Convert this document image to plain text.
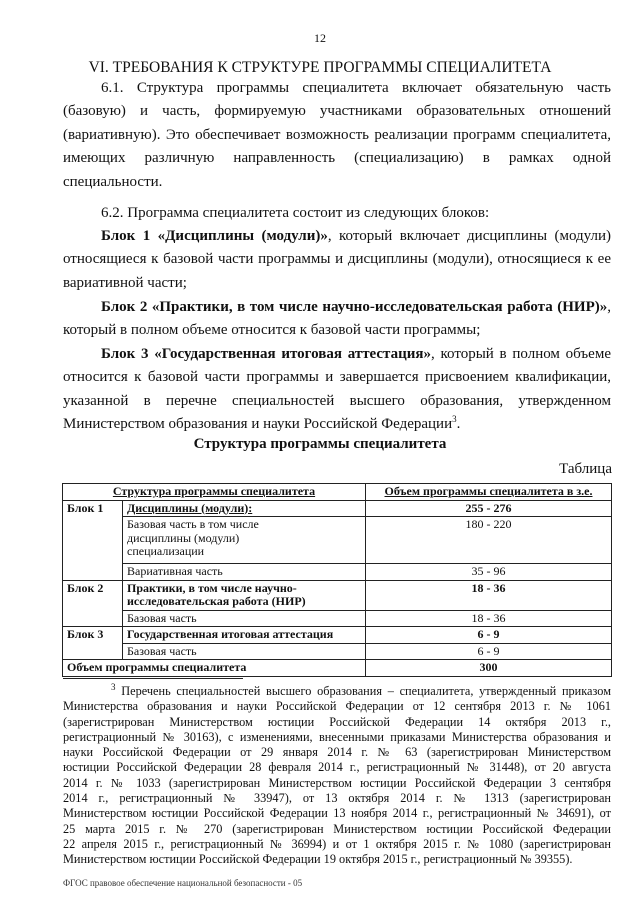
12
VI. ТРЕБОВАНИЯ К СТРУКТУРЕ ПРОГРАММЫ СПЕЦИАЛИТЕТА
6.1. Структура программы специалитета включает обязательную часть
(базовую) и часть, формируемую участниками образовательных отношений
(вариативную). Это обеспечивает возможность реализации программ специалитета,
имеющих различную направленность (специализацию) в рамках одной
специальности.
6.2. Программа специалитета состоит из следующих блоков:
Блок 1 «Дисциплины (модули)», который включает дисциплины (модули)
относящиеся к базовой части программы и дисциплины (модули), относящиеся к ее
вариативной части;
Блок 2 «Практики, в том числе научно-исследовательская работа (НИР)»,
который в полном объеме относится к базовой части программы;
Блок 3 «Государственная итоговая аттестация», который в полном объеме
относится к базовой части программы и завершается присвоением квалификации,
указанной в перечне специальностей высшего образования, утвержденном
Министерством образования и науки Российской Федерации$^3$.
Структура программы специалитета
Таблица
Структура программы специалитета		Объем программы специалитета в з.е.
Блок 1	Дисциплины (модули):	255 - 276
	Базовая часть в том числе дисциплины (модули) специализации	180 - 220
	Вариативная часть	35 - 96
Блок 2	Практики, в том числе научно-исследовательская работа (НИР)	18 - 36
	Базовая часть	18 - 36
Блок 3	Государственная итоговая аттестация	6 - 9
	Базовая часть	6 - 9
Объем программы специалитета		300
$^3$ Перечень специальностей высшего образования – специалитета, утвержденный приказом
Министерства образования и науки Российской Федерации от 12 сентября 2013 г. № 1061
(зарегистрирован Министерством юстиции Российской Федерации 14 октября 2013 г.,
регистрационный № 30163), с изменениями, внесенными приказами Министерства образования и
науки Российской Федерации от 29 января 2014 г. № 63 (зарегистрирован Министерством
юстиции Российской Федерации 28 февраля 2014 г., регистрационный № 31448), от 20 августа
2014 г. № 1033 (зарегистрирован Министерством юстиции Российской Федерации 3 сентября
2014 г., регистрационный № 33947), от 13 октября 2014 г. № 1313 (зарегистрирован
Министерством юстиции Российской Федерации 13 ноября 2014 г., регистрационный № 34691), от
25 марта 2015 г. № 270 (зарегистрирован Министерством юстиции Российской Федерации
22 апреля 2015 г., регистрационный № 36994) и от 1 октября 2015 г. № 1080 (зарегистрирован
Министерством юстиции Российской Федерации 19 октября 2015 г., регистрационный № 39355).
ФГОС правовое обеспечение национальной безопасности - 05
